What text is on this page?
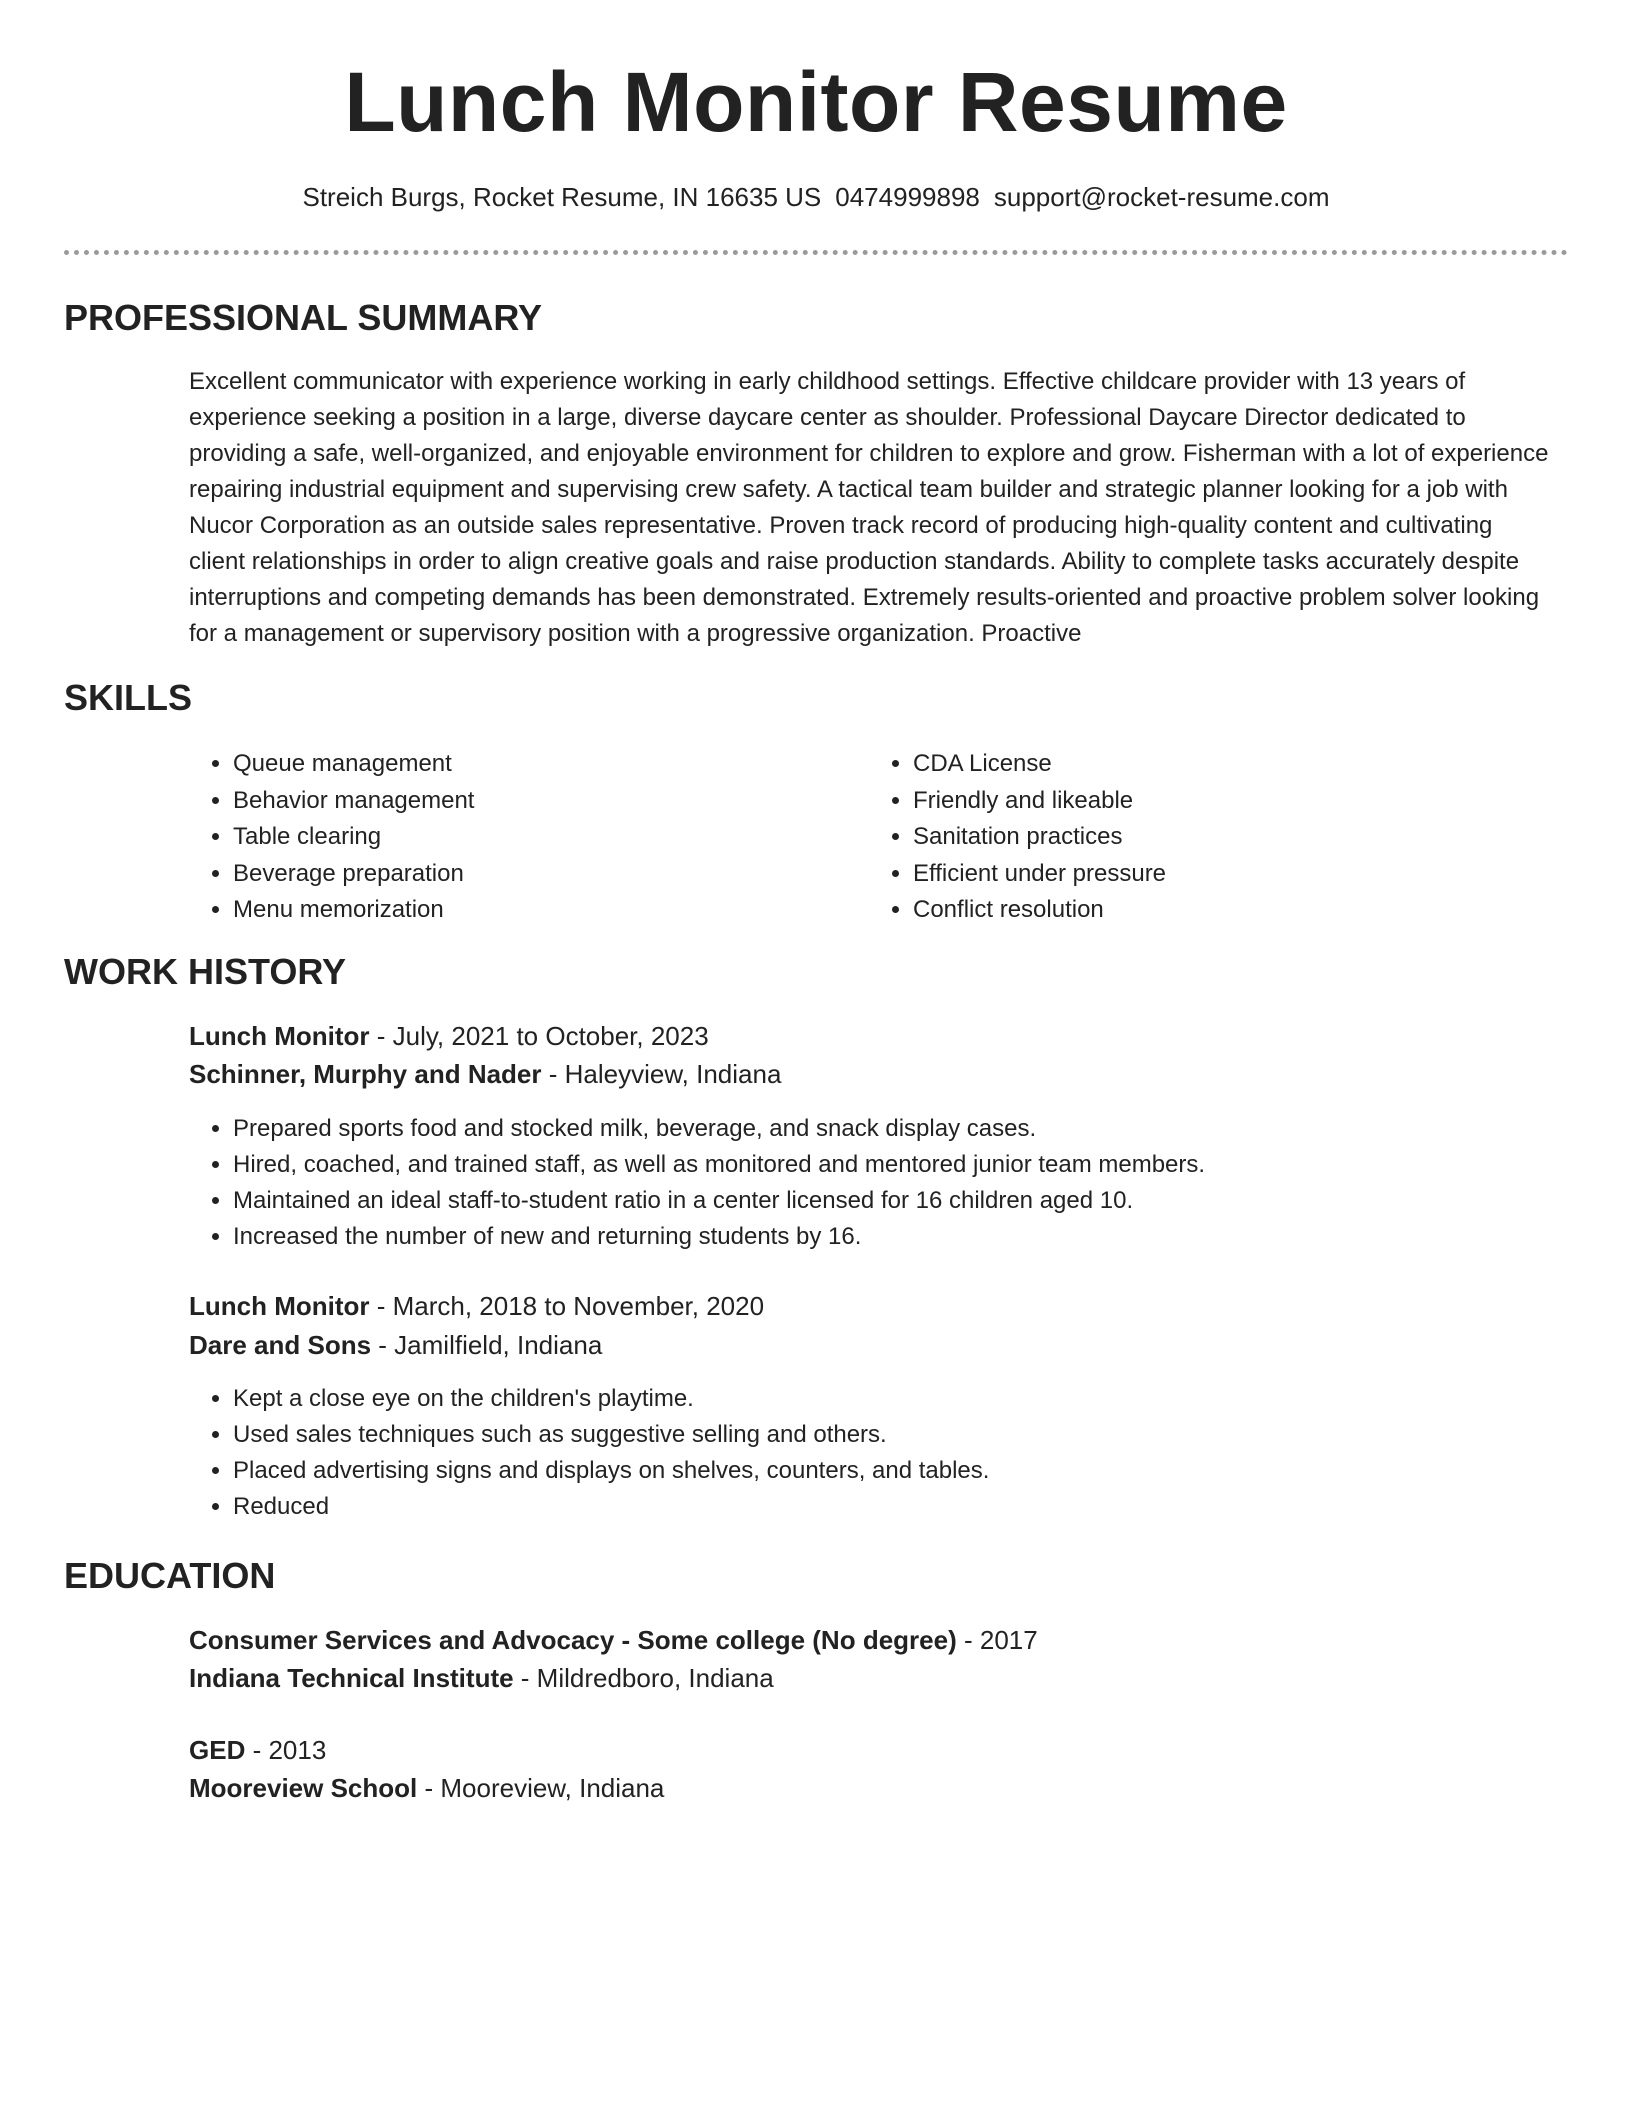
Lunch Monitor Resume
Streich Burgs, Rocket Resume, IN 16635 US 0474999898 support@rocket-resume.com
PROFESSIONAL SUMMARY
Excellent communicator with experience working in early childhood settings. Effective childcare provider with 13 years of experience seeking a position in a large, diverse daycare center as shoulder. Professional Daycare Director dedicated to providing a safe, well-organized, and enjoyable environment for children to explore and grow. Fisherman with a lot of experience repairing industrial equipment and supervising crew safety. A tactical team builder and strategic planner looking for a job with Nucor Corporation as an outside sales representative. Proven track record of producing high-quality content and cultivating client relationships in order to align creative goals and raise production standards. Ability to complete tasks accurately despite interruptions and competing demands has been demonstrated. Extremely results-oriented and proactive problem solver looking for a management or supervisory position with a progressive organization. Proactive
SKILLS
• Queue management
• Behavior management
• Table clearing
• Beverage preparation
• Menu memorization
• CDA License
• Friendly and likeable
• Sanitation practices
• Efficient under pressure
• Conflict resolution
WORK HISTORY
Lunch Monitor - July, 2021 to October, 2023
Schinner, Murphy and Nader - Haleyview, Indiana
• Prepared sports food and stocked milk, beverage, and snack display cases.
• Hired, coached, and trained staff, as well as monitored and mentored junior team members.
• Maintained an ideal staff-to-student ratio in a center licensed for 16 children aged 10.
• Increased the number of new and returning students by 16.
Lunch Monitor - March, 2018 to November, 2020
Dare and Sons - Jamilfield, Indiana
• Kept a close eye on the children's playtime.
• Used sales techniques such as suggestive selling and others.
• Placed advertising signs and displays on shelves, counters, and tables.
• Reduced
EDUCATION
Consumer Services and Advocacy - Some college (No degree) - 2017
Indiana Technical Institute - Mildredboro, Indiana
GED - 2013
Mooreview School - Mooreview, Indiana
